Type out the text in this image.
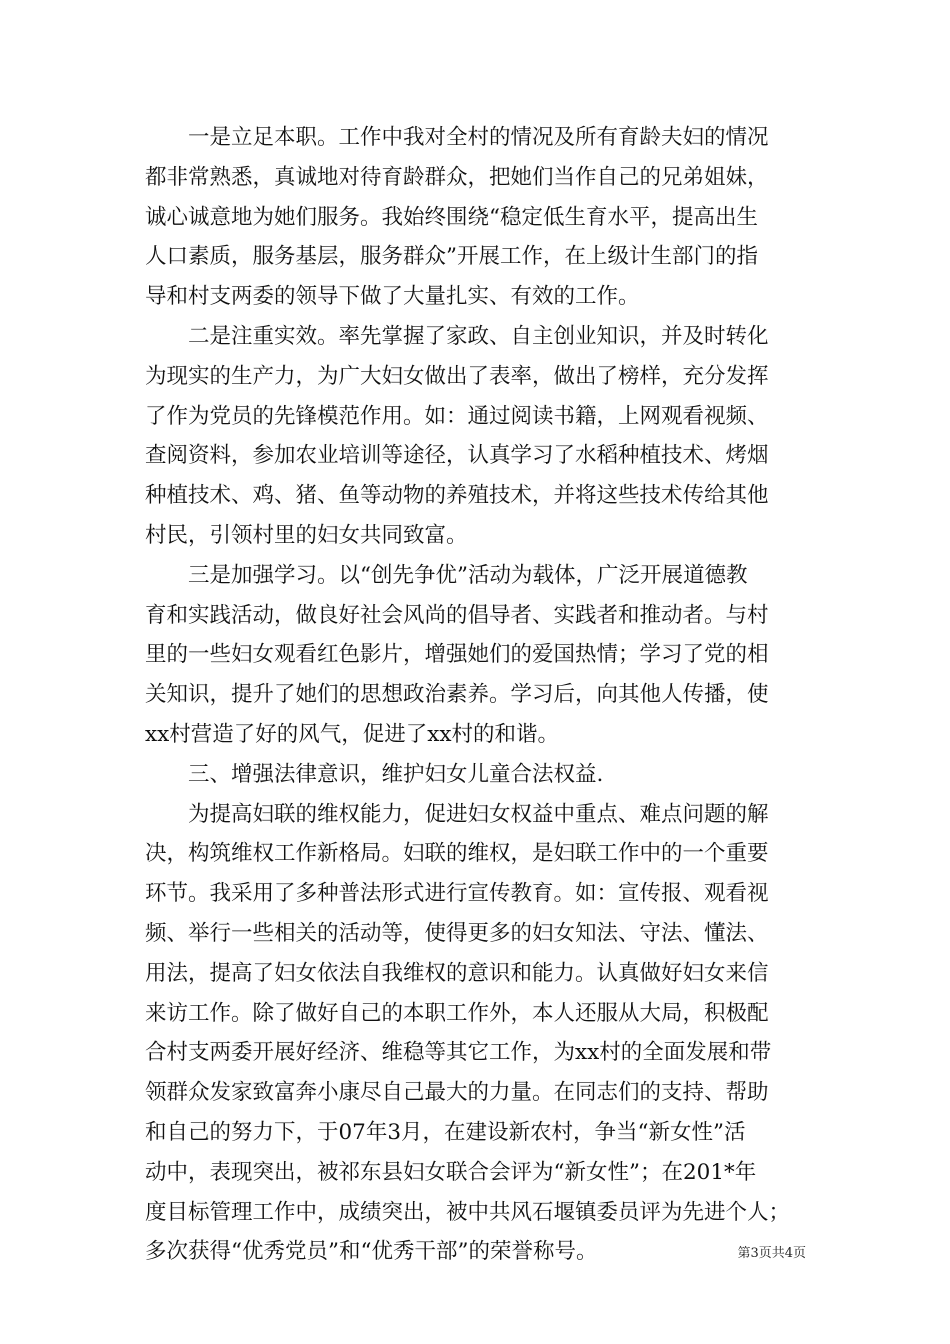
一是立足本职。工作中我对全村的情况及所有育龄夫妇的情况
都非常熟悉，真诚地对待育龄群众，把她们当作自己的兄弟姐妹，
诚心诚意地为她们服务。我始终围绕“稳定低生育水平，提高出生
人口素质，服务基层，服务群众”开展工作，在上级计生部门的指
导和村支两委的领导下做了大量扎实、有效的工作。
二是注重实效。率先掌握了家政、自主创业知识，并及时转化
为现实的生产力，为广大妇女做出了表率，做出了榜样，充分发挥
了作为党员的先锋模范作用。如：通过阅读书籍，上网观看视频、
查阅资料，参加农业培训等途径，认真学习了水稻种植技术、烤烟
种植技术、鸡、猪、鱼等动物的养殖技术，并将这些技术传给其他
村民，引领村里的妇女共同致富。
三是加强学习。以“创先争优”活动为载体，广泛开展道德教
育和实践活动，做良好社会风尚的倡导者、实践者和推动者。与村
里的一些妇女观看红色影片，增强她们的爱国热情；学习了党的相
关知识，提升了她们的思想政治素养。学习后，向其他人传播，使
xx村营造了好的风气，促进了xx村的和谐。
三、增强法律意识，维护妇女儿童合法权益.
为提高妇联的维权能力，促进妇女权益中重点、难点问题的解
决，构筑维权工作新格局。妇联的维权，是妇联工作中的一个重要
环节。我采用了多种普法形式进行宣传教育。如：宣传报、观看视
频、举行一些相关的活动等，使得更多的妇女知法、守法、懂法、
用法，提高了妇女依法自我维权的意识和能力。认真做好妇女来信
来访工作。除了做好自己的本职工作外，本人还服从大局，积极配
合村支两委开展好经济、维稳等其它工作，为xx村的全面发展和带
领群众发家致富奔小康尽自己最大的力量。在同志们的支持、帮助
和自己的努力下，于07年3月，在建设新农村，争当“新女性”活
动中，表现突出，被祁东县妇女联合会评为“新女性”；在201*年
度目标管理工作中，成绩突出，被中共风石堰镇委员评为先进个人；
多次获得“优秀党员”和“优秀干部”的荣誉称号。	第3页共4页
